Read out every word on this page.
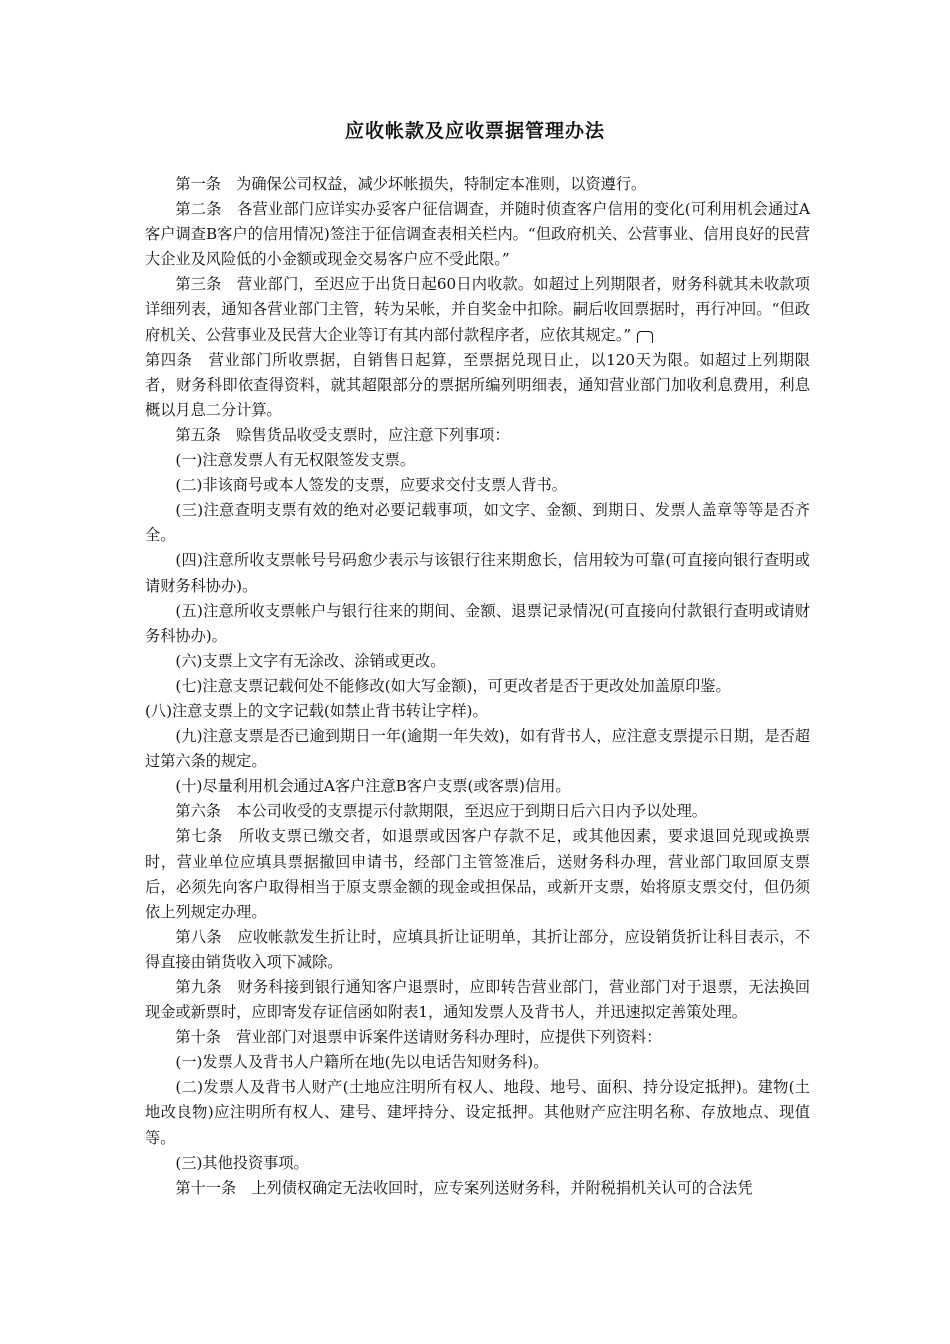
应收帐款及应收票据管理办法

第一条　为确保公司权益，减少坏帐损失，特制定本准则，以资遵行。

第二条　各营业部门应详实办妥客户征信调查，并随时侦查客户信用的变化(可利用机会通过A客户调查B客户的信用情况)签注于征信调查表相关栏内。“但政府机关、公营事业、信用良好的民营大企业及风险低的小金额或现金交易客户应不受此限。”

第三条　营业部门，至迟应于出货日起60日内收款。如超过上列期限者，财务科就其未收款项详细列表，通知各营业部门主管，转为呆帐，并自奖金中扣除。嗣后收回票据时，再行冲回。“但政府机关、公营事业及民营大企业等订有其内部付款程序者，应依其规定。”

第四条　营业部门所收票据，自销售日起算，至票据兑现日止，以120天为限。如超过上列期限者，财务科即依查得资料，就其超限部分的票据所编列明细表，通知营业部门加收利息费用，利息概以月息二分计算。

第五条　赊售货品收受支票时，应注意下列事项：

(一)注意发票人有无权限签发支票。

(二)非该商号或本人签发的支票，应要求交付支票人背书。

(三)注意查明支票有效的绝对必要记载事项，如文字、金额、到期日、发票人盖章等等是否齐全。

(四)注意所收支票帐号号码愈少表示与该银行往来期愈长，信用较为可靠(可直接向银行查明或请财务科协办)。

(五)注意所收支票帐户与银行往来的期间、金额、退票记录情况(可直接向付款银行查明或请财务科协办)。

(六)支票上文字有无涂改、涂销或更改。

(七)注意支票记载何处不能修改(如大写金额)，可更改者是否于更改处加盖原印鉴。

(八)注意支票上的文字记载(如禁止背书转让字样)。

(九)注意支票是否已逾到期日一年(逾期一年失效)，如有背书人，应注意支票提示日期，是否超过第六条的规定。

(十)尽量利用机会通过A客户注意B客户支票(或客票)信用。

第六条　本公司收受的支票提示付款期限，至迟应于到期日后六日内予以处理。

第七条　所收支票已缴交者，如退票或因客户存款不足，或其他因素，要求退回兑现或换票时，营业单位应填具票据撤回申请书，经部门主管签准后，送财务科办理，营业部门取回原支票后，必须先向客户取得相当于原支票金额的现金或担保品，或新开支票，始将原支票交付，但仍须依上列规定办理。

第八条　应收帐款发生折让时，应填具折让证明单，其折让部分，应设销货折让科目表示，不得直接由销货收入项下减除。

第九条　财务科接到银行通知客户退票时，应即转告营业部门，营业部门对于退票，无法换回现金或新票时，应即寄发存证信函如附表1，通知发票人及背书人，并迅速拟定善策处理。

第十条　营业部门对退票申诉案件送请财务科办理时，应提供下列资料：

(一)发票人及背书人户籍所在地(先以电话告知财务科)。

(二)发票人及背书人财产(土地应注明所有权人、地段、地号、面积、持分设定抵押)。建物(土地改良物)应注明所有权人、建号、建坪持分、设定抵押。其他财产应注明名称、存放地点、现值等。

(三)其他投资事项。

第十一条　上列债权确定无法收回时，应专案列送财务科，并附税捐机关认可的合法凭
